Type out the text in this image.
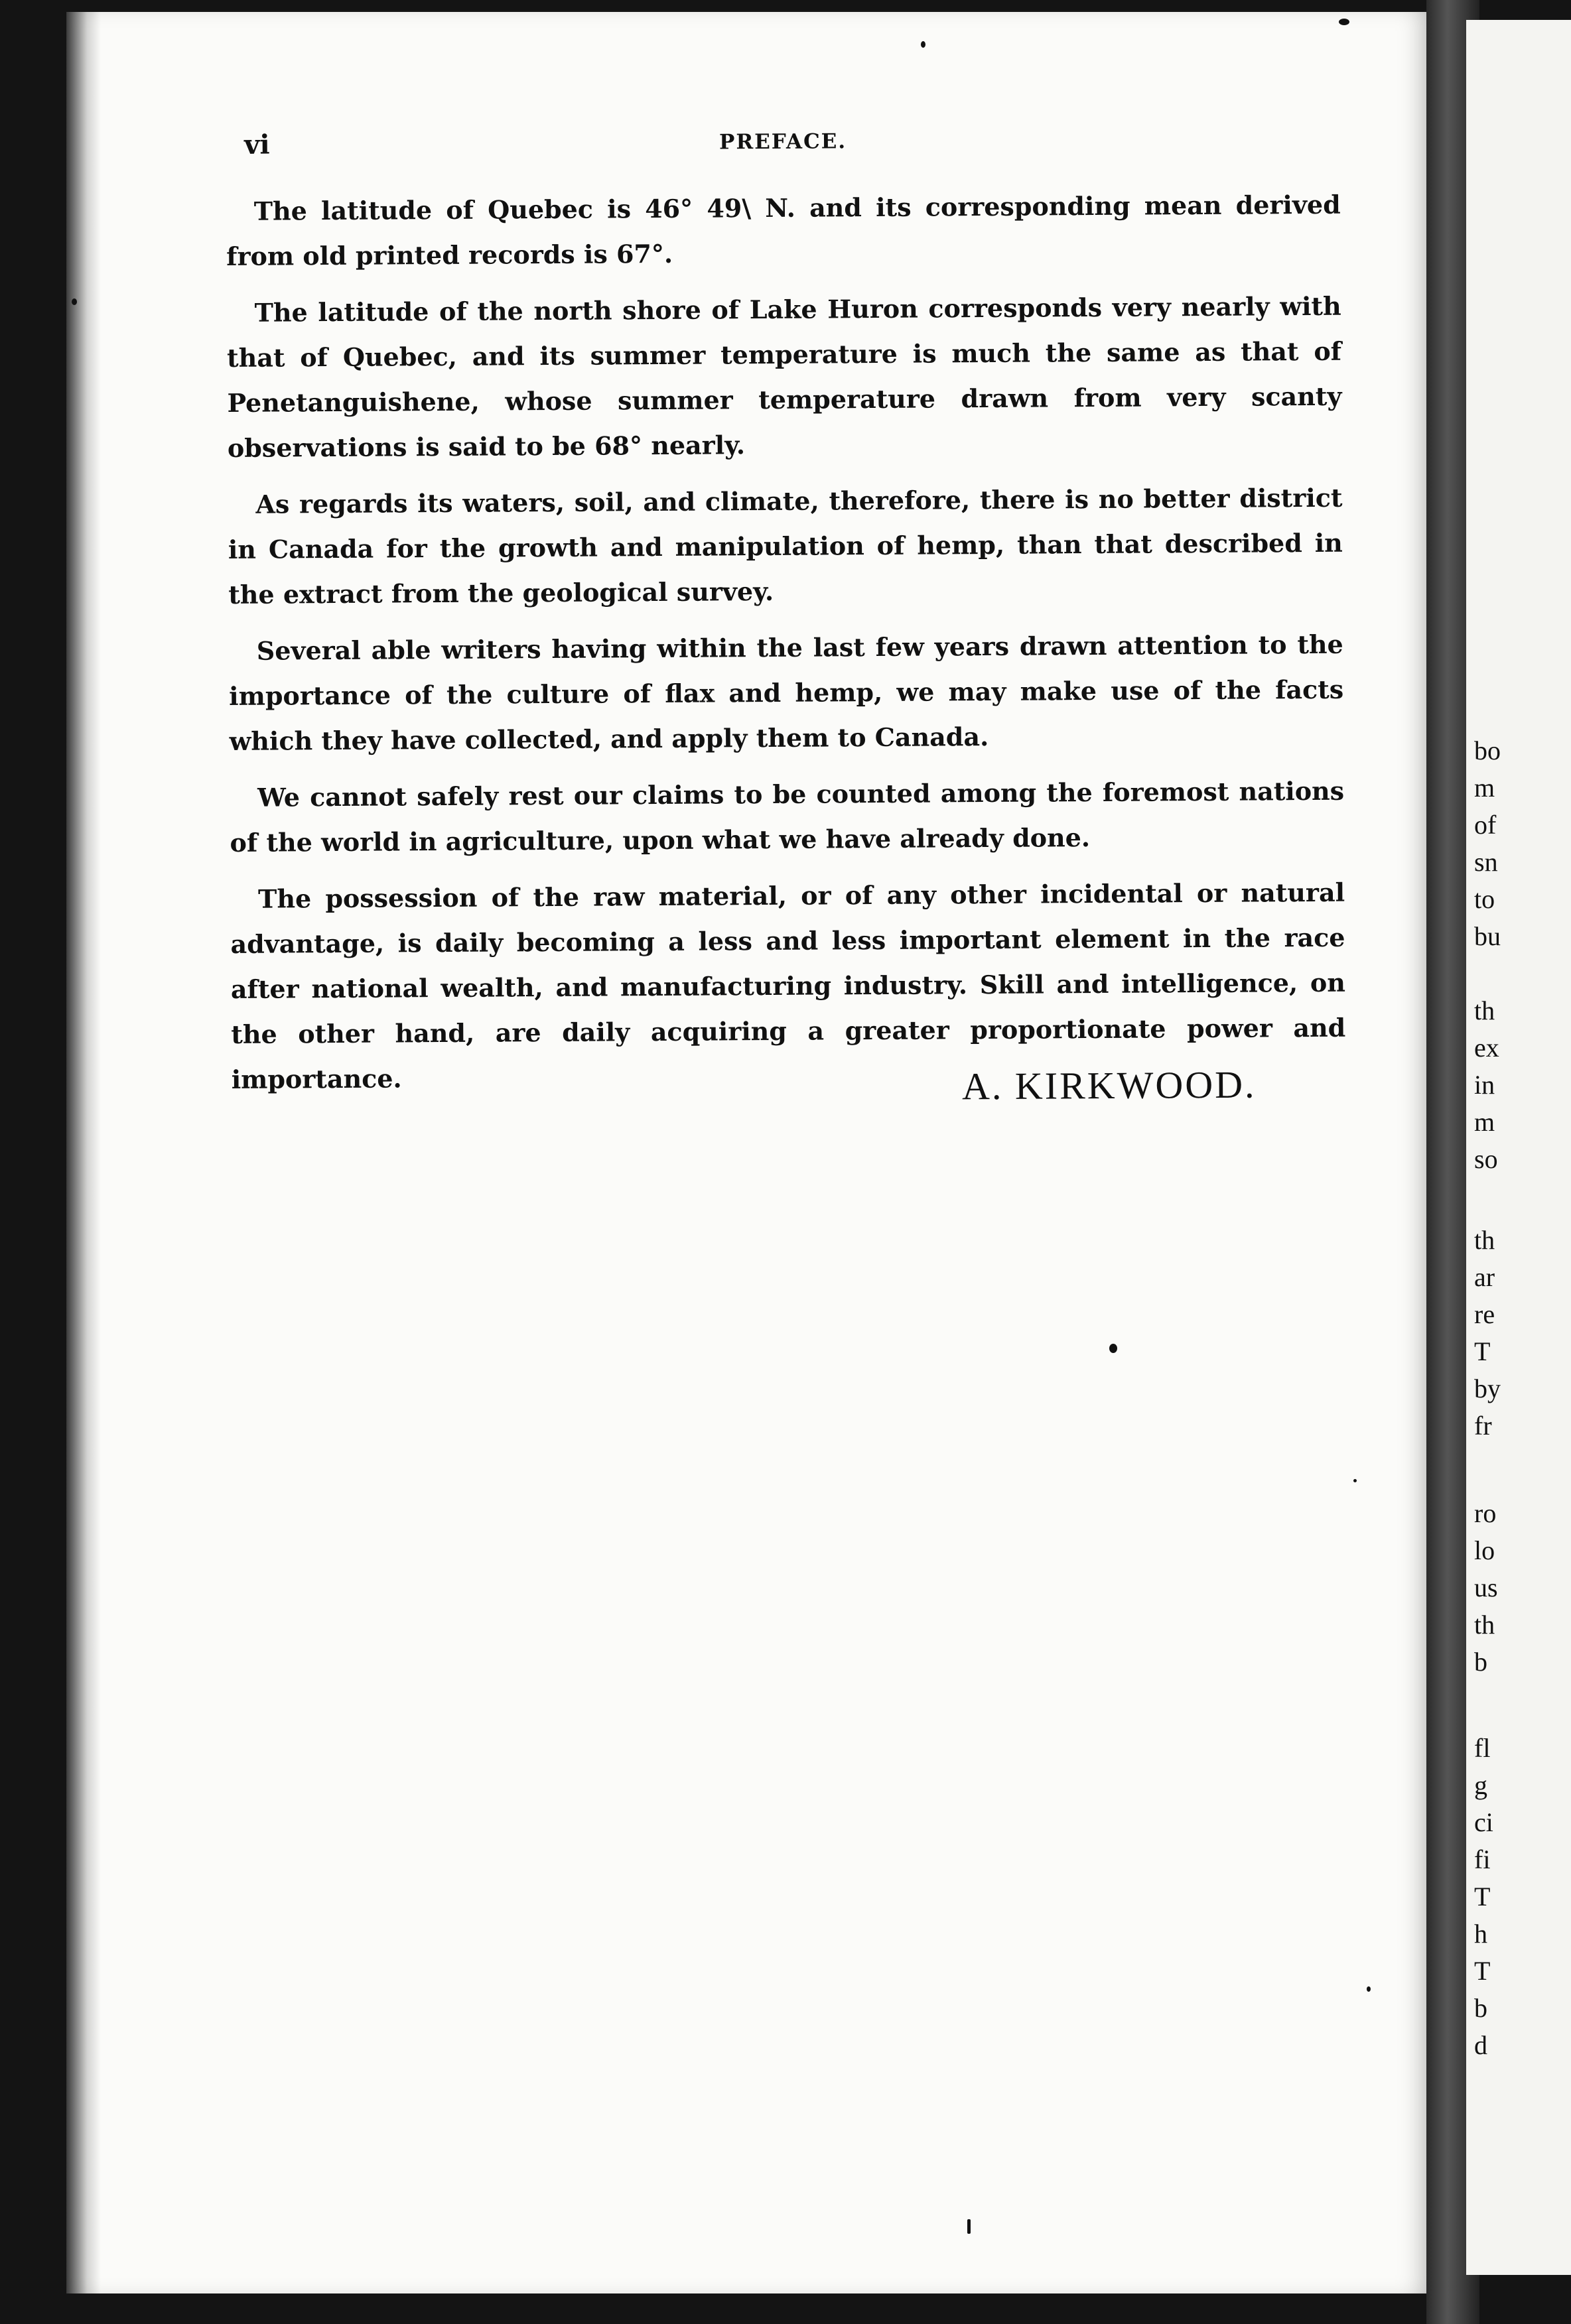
vi	PREFACE.

The latitude of Quebec is 46° 49\ N. and its corresponding mean derived from old printed records is 67°.

The latitude of the north shore of Lake Huron corresponds very nearly with that of Quebec, and its summer temperature is much the same as that of Penetanguishene, whose summer temperature drawn from very scanty observations is said to be 68° nearly.

As regards its waters, soil, and climate, therefore, there is no better district in Canada for the growth and manipulation of hemp, than that described in the extract from the geological survey.

Several able writers having within the last few years drawn attention to the importance of the culture of flax and hemp, we may make use of the facts which they have collected, and apply them to Canada.

We cannot safely rest our claims to be counted among the foremost nations of the world in agriculture, upon what we have already done.

The possession of the raw material, or of any other incidental or natural advantage, is daily becoming a less and less important element in the race after national wealth, and manufacturing industry. Skill and intelligence, on the other hand, are daily acquiring a greater proportionate power and importance.	A. KIRKWOOD.
bo
m
of
sn
to
bu
th
ex
in
m
so
th
ar
re
T
by
fr
ro
lo
us
th
b
fl
g
ci
fi
T
h
T
b
d
